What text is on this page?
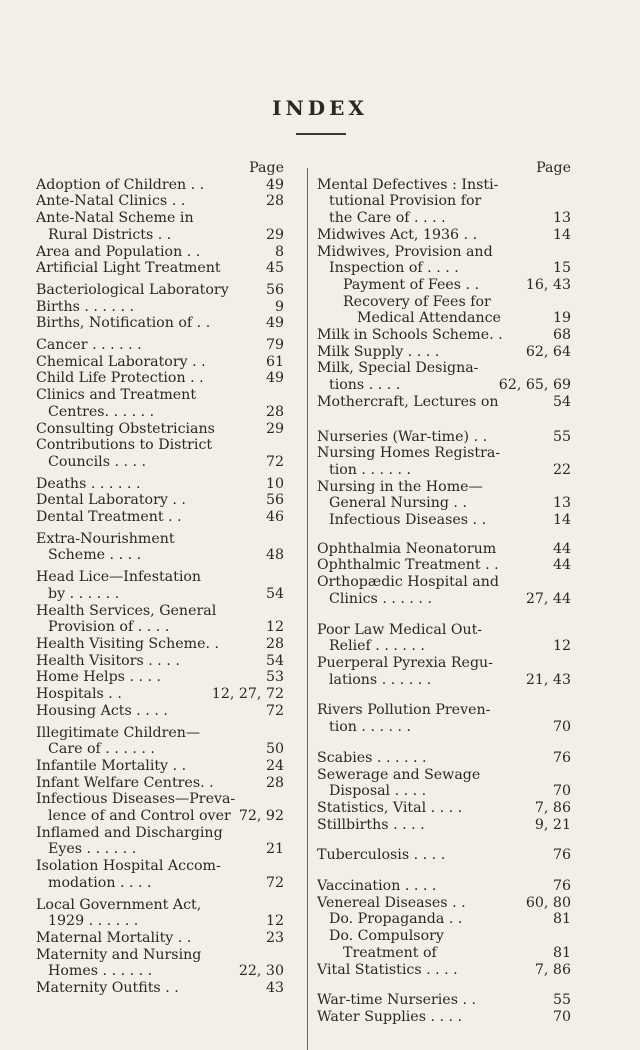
INDEX
Page
Adoption of Children . .	49
Ante-Natal Clinics . .	28
Ante-Natal Scheme in
Rural Districts . .	29
Area and Population . .	8
Artificial Light Treatment	45
Bacteriological Laboratory	56
Births . . . . . .	9
Births, Notification of . .	49
Cancer . . . . . .	79
Chemical Laboratory . .	61
Child Life Protection . .	49
Clinics and Treatment
Centres. . . . . .	28
Consulting Obstetricians	29
Contributions to District
Councils . . . .	72
Deaths . . . . . .	10
Dental Laboratory . .	56
Dental Treatment . .	46
Extra-Nourishment
Scheme . . . .	48
Head Lice—Infestation
by . . . . . .	54
Health Services, General
Provision of . . . .	12
Health Visiting Scheme. .	28
Health Visitors . . . .	54
Home Helps . . . .	53
Hospitals . .	12, 27, 72
Housing Acts . . . .	72
Illegitimate Children—
Care of . . . . . .	50
Infantile Mortality . .	24
Infant Welfare Centres. .	28
Infectious Diseases—Preva-
lence of and Control over 72, 92
Inflamed and Discharging
Eyes . . . . . .	21
Isolation Hospital Accom-
modation . . . .	72
Local Government Act,
1929 . . . . . .	12
Maternal Mortality . .	23
Maternity and Nursing
Homes . . . . . .	22, 30
Maternity Outfits . .	43
Page
Mental Defectives : Insti-
tutional Provision for
the Care of . . . .	13
Midwives Act, 1936 . .	14
Midwives, Provision and
Inspection of . . . .	15
Payment of Fees . .	16, 43
Recovery of Fees for
Medical Attendance	19
Milk in Schools Scheme. .	68
Milk Supply . . . .	62, 64
Milk, Special Designa-
tions . . . .	62, 65, 69
Mothercraft, Lectures on	54
Nurseries (War-time) . .	55
Nursing Homes Registra-
tion . . . . . .	22
Nursing in the Home—
General Nursing . .	13
Infectious Diseases . .	14
Ophthalmia Neonatorum	44
Ophthalmic Treatment . .	44
Orthopædic Hospital and
Clinics . . . . . .	27, 44
Poor Law Medical Out-
Relief . . . . . .	12
Puerperal Pyrexia Regu-
lations . . . . . .	21, 43
Rivers Pollution Preven-
tion . . . . . .	70
Scabies . . . . . .	76
Sewerage and Sewage
Disposal . . . .	70
Statistics, Vital . . . .	7, 86
Stillbirths . . . .	9, 21
Tuberculosis . . . .	76
Vaccination . . . .	76
Venereal Diseases . .	60, 80
Do. Propaganda . .	81
Do. Compulsory
Treatment of	81
Vital Statistics . . . .	7, 86
War-time Nurseries . .	55
Water Supplies . . . .	70
